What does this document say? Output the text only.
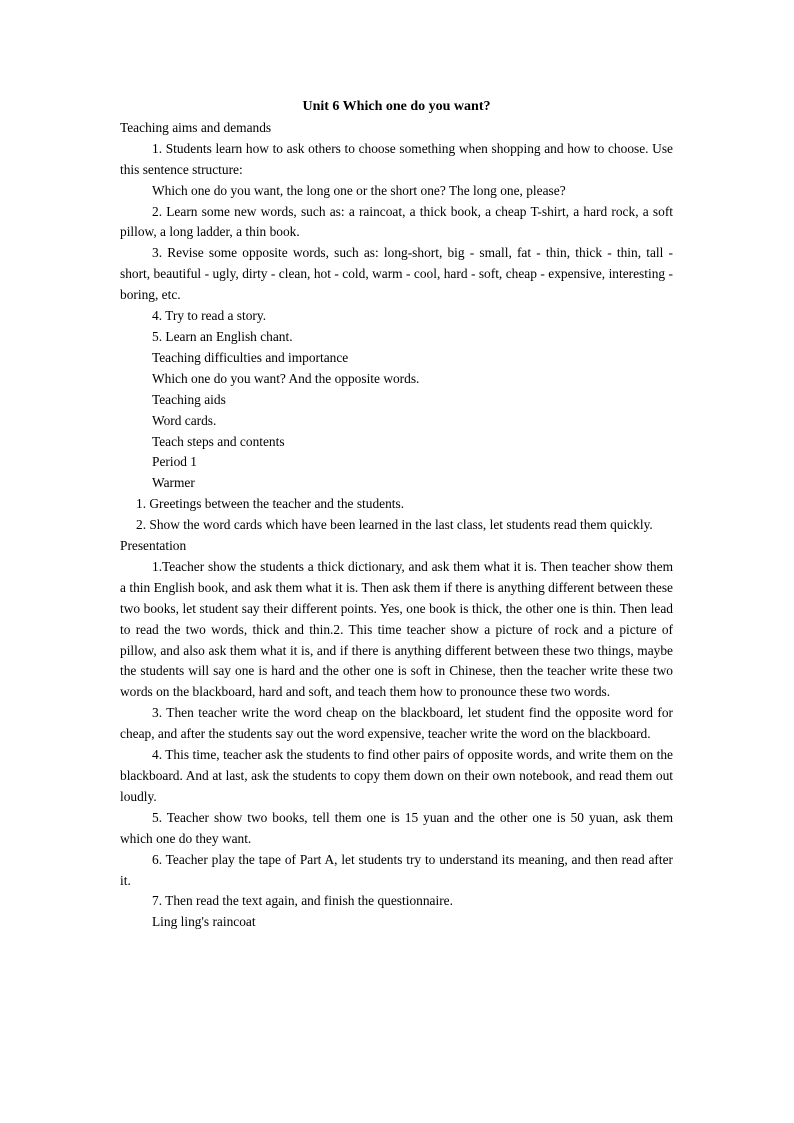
Unit 6 Which one do you want?

Teaching aims and demands

1. Students learn how to ask others to choose something when shopping and how to choose. Use this sentence structure:

Which one do you want, the long one or the short one? The long one, please?

2. Learn some new words, such as: a raincoat, a thick book, a cheap T-shirt, a hard rock, a soft pillow, a long ladder, a thin book.

3. Revise some opposite words, such as: long-short, big - small, fat - thin, thick - thin, tall - short, beautiful - ugly, dirty - clean, hot - cold, warm - cool, hard - soft, cheap - expensive, interesting - boring, etc.

4. Try to read a story.

5. Learn an English chant.

Teaching difficulties and importance

Which one do you want? And the opposite words.

Teaching aids

Word cards.

Teach steps and contents

Period 1

Warmer

1. Greetings between the teacher and the students.

2. Show the word cards which have been learned in the last class, let students read them quickly.

Presentation

1.Teacher show the students a thick dictionary, and ask them what it is. Then teacher show them a thin English book, and ask them what it is. Then ask them if there is anything different between these two books, let student say their different points. Yes, one book is thick, the other one is thin. Then lead to read the two words, thick and thin.2. This time teacher show a picture of rock and a picture of pillow, and also ask them what it is, and if there is anything different between these two things, maybe the students will say one is hard and the other one is soft in Chinese, then the teacher write these two words on the blackboard, hard and soft, and teach them how to pronounce these two words.

3. Then teacher write the word cheap on the blackboard, let student find the opposite word for cheap, and after the students say out the word expensive, teacher write the word on the blackboard.

4. This time, teacher ask the students to find other pairs of opposite words, and write them on the blackboard. And at last, ask the students to copy them down on their own notebook, and read them out loudly.

5. Teacher show two books, tell them one is 15 yuan and the other one is 50 yuan, ask them which one do they want.

6. Teacher play the tape of Part A, let students try to understand its meaning, and then read after it.

7. Then read the text again, and finish the questionnaire.

Ling ling's raincoat
